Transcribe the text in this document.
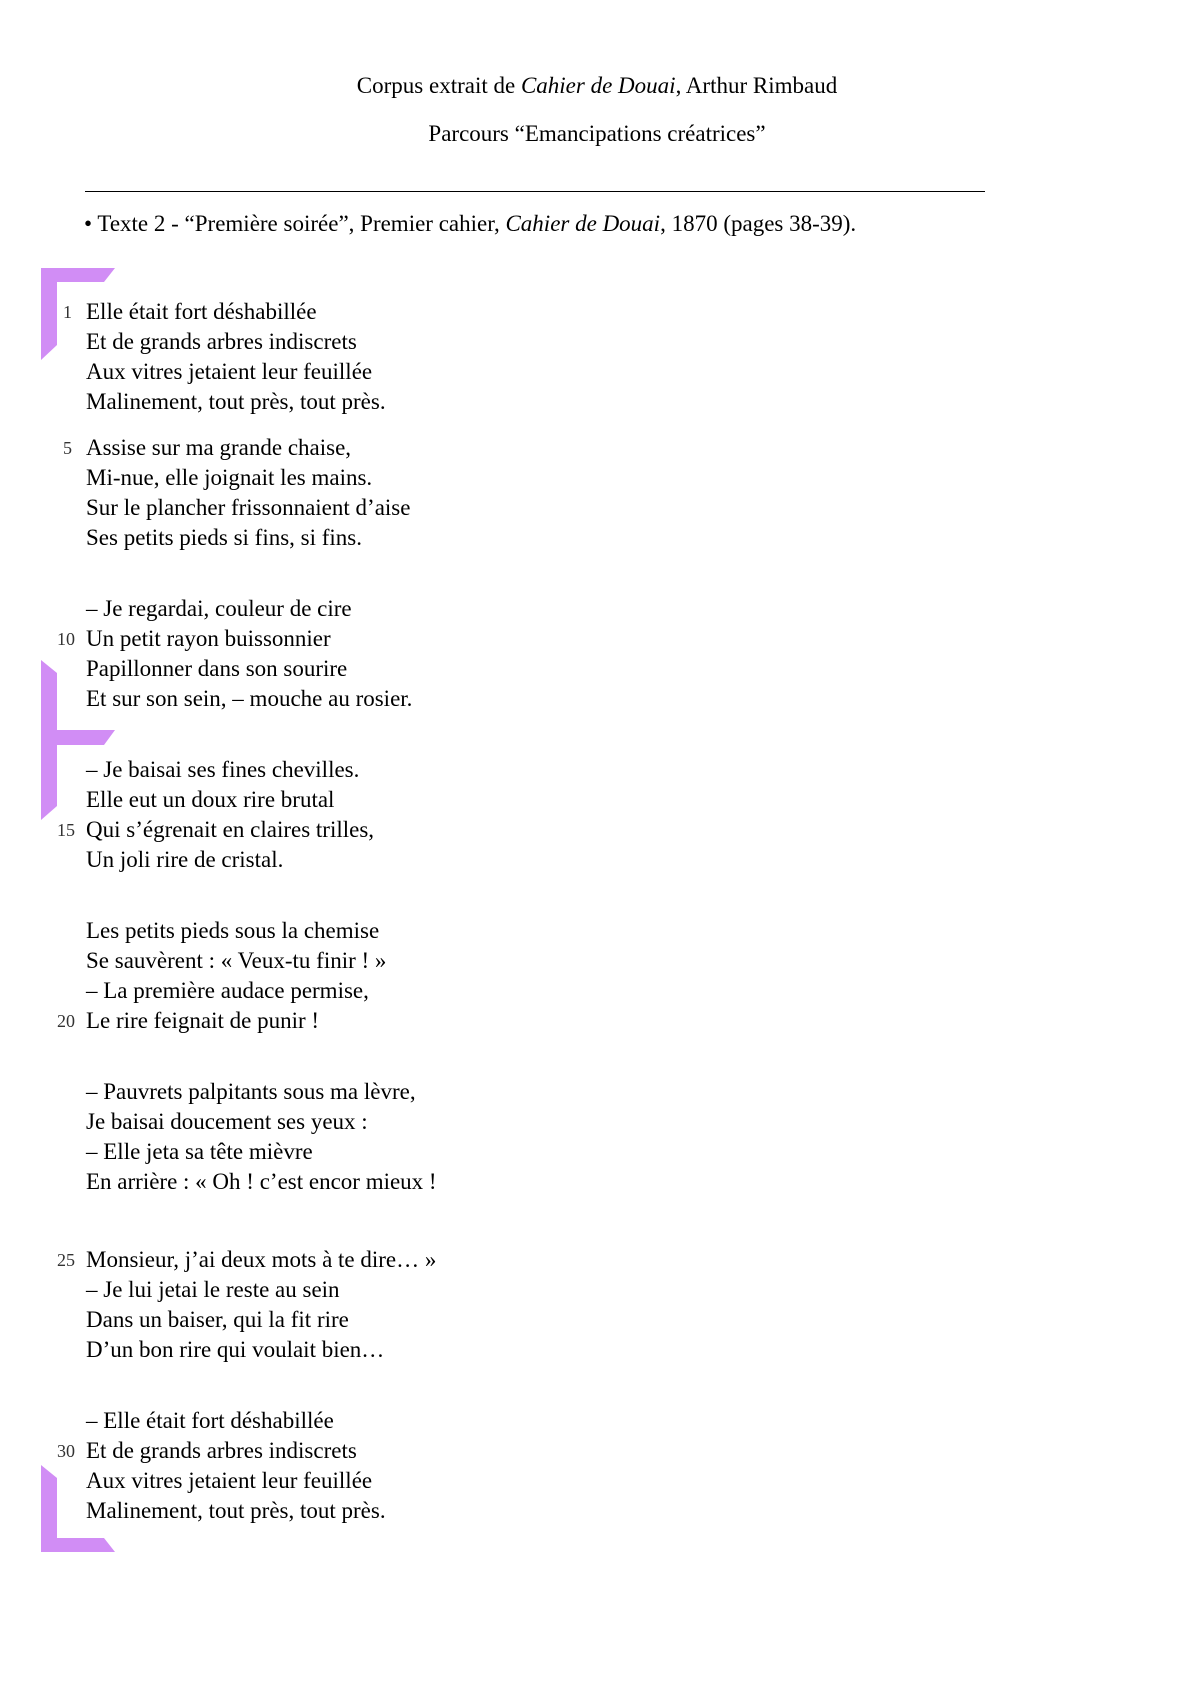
Corpus extrait de Cahier de Douai, Arthur Rimbaud
Parcours “Emancipations créatrices”
• Texte 2 - “Première soirée”, Premier cahier, Cahier de Douai, 1870 (pages 38-39).
1
5
10
15
20
25
30
Elle était fort déshabillée
Et de grands arbres indiscrets
Aux vitres jetaient leur feuillée
Malinement, tout près, tout près.
Assise sur ma grande chaise,
Mi-nue, elle joignait les mains.
Sur le plancher frissonnaient d’aise
Ses petits pieds si fins, si fins.
– Je regardai, couleur de cire
Un petit rayon buissonnier
Papillonner dans son sourire
Et sur son sein, – mouche au rosier.
– Je baisai ses fines chevilles.
Elle eut un doux rire brutal
Qui s’égrenait en claires trilles,
Un joli rire de cristal.
Les petits pieds sous la chemise
Se sauvèrent : « Veux-tu finir ! »
– La première audace permise,
Le rire feignait de punir !
– Pauvrets palpitants sous ma lèvre,
Je baisai doucement ses yeux :
– Elle jeta sa tête mièvre
En arrière : « Oh ! c’est encor mieux !
Monsieur, j’ai deux mots à te dire… »
– Je lui jetai le reste au sein
Dans un baiser, qui la fit rire
D’un bon rire qui voulait bien…
– Elle était fort déshabillée
Et de grands arbres indiscrets
Aux vitres jetaient leur feuillée
Malinement, tout près, tout près.
